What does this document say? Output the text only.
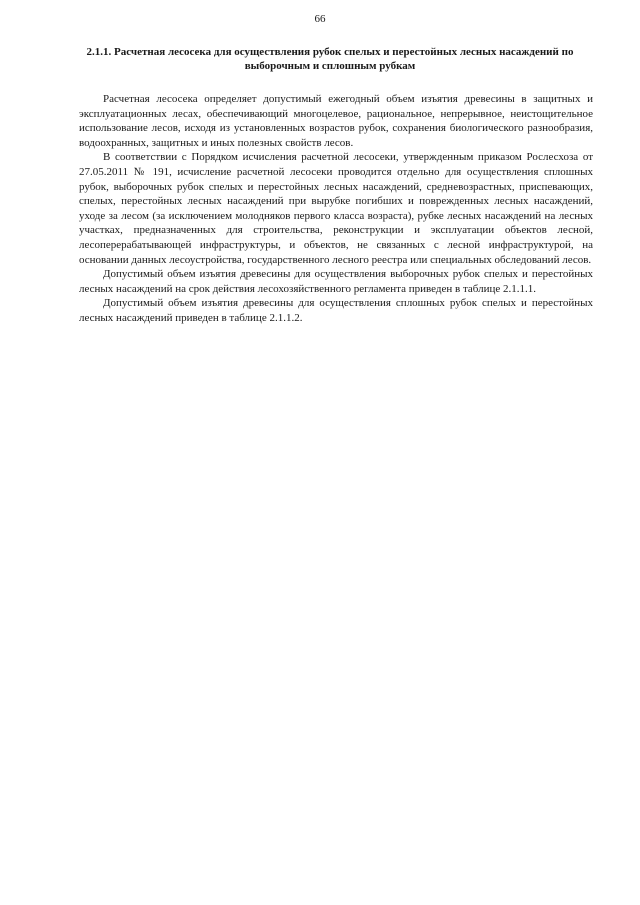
66
2.1.1. Расчетная лесосека для осуществления рубок спелых и перестойных лесных насаждений по выборочным и сплошным рубкам

Расчетная лесосека определяет допустимый ежегодный объем изъятия древесины в защитных и эксплуатационных лесах, обеспечивающий многоцелевое, рациональное, непрерывное, неистощительное использование лесов, исходя из установленных возрастов рубок, сохранения биологического разнообразия, водоохранных, защитных и иных полезных свойств лесов.

В соответствии с Порядком исчисления расчетной лесосеки, утвержденным приказом Рослесхоза от 27.05.2011 № 191, исчисление расчетной лесосеки проводится отдельно для осуществления сплошных рубок, выборочных рубок спелых и перестойных лесных насаждений, средневозрастных, приспевающих, спелых, перестойных лесных насаждений при вырубке погибших и поврежденных лесных насаждений, уходе за лесом (за исключением молодняков первого класса возраста), рубке лесных насаждений на лесных участках, предназначенных для строительства, реконструкции и эксплуатации объектов лесной, лесоперерабатывающей инфраструктуры, и объектов, не связанных с лесной инфраструктурой, на основании данных лесоустройства, государственного лесного реестра или специальных обследований лесов.

Допустимый объем изъятия древесины для осуществления выборочных рубок спелых и перестойных лесных насаждений на срок действия лесохозяйственного регламента приведен в таблице 2.1.1.1.

Допустимый объем изъятия древесины для осуществления сплошных рубок спелых и перестойных лесных насаждений приведен в таблице 2.1.1.2.
